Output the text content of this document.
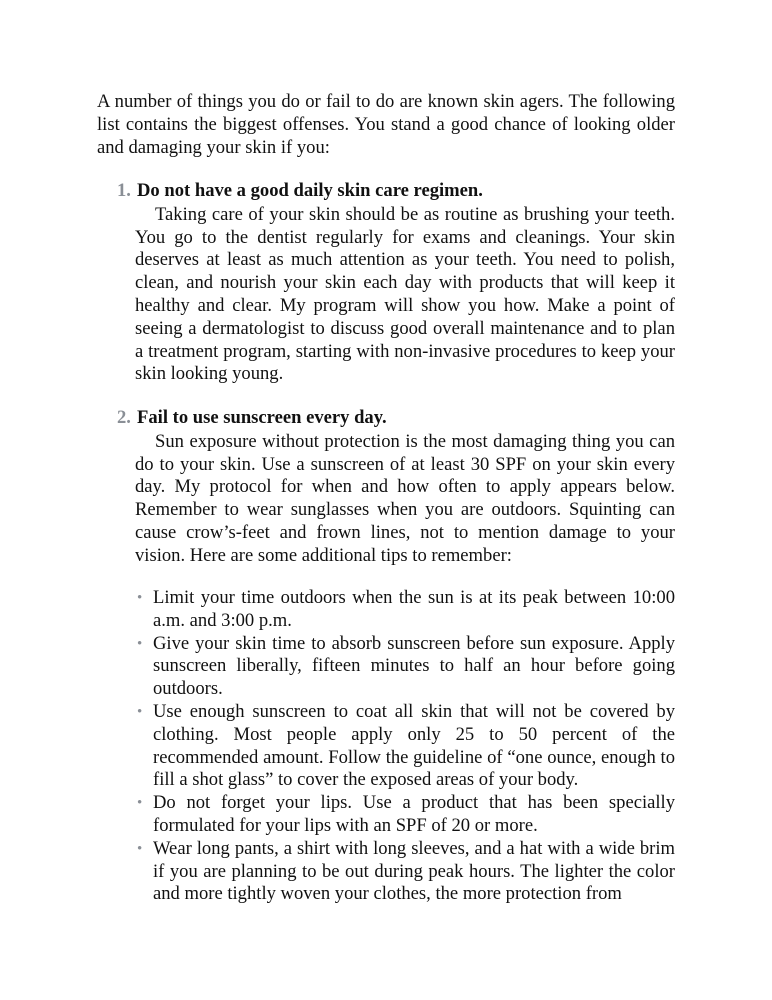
A number of things you do or fail to do are known skin agers. The following list contains the biggest offenses. You stand a good chance of looking older and damaging your skin if you:

1. Do not have a good daily skin care regimen.

Taking care of your skin should be as routine as brushing your teeth. You go to the dentist regularly for exams and cleanings. Your skin deserves at least as much attention as your teeth. You need to polish, clean, and nourish your skin each day with products that will keep it healthy and clear. My program will show you how. Make a point of seeing a dermatologist to discuss good overall maintenance and to plan a treatment program, starting with non-invasive procedures to keep your skin looking young.

2. Fail to use sunscreen every day.

Sun exposure without protection is the most damaging thing you can do to your skin. Use a sunscreen of at least 30 SPF on your skin every day. My protocol for when and how often to apply appears below. Remember to wear sunglasses when you are outdoors. Squinting can cause crow’s-feet and frown lines, not to mention damage to your vision. Here are some additional tips to remember:

• Limit your time outdoors when the sun is at its peak between 10:00 a.m. and 3:00 p.m.
• Give your skin time to absorb sunscreen before sun exposure. Apply sunscreen liberally, fifteen minutes to half an hour before going outdoors.
• Use enough sunscreen to coat all skin that will not be covered by clothing. Most people apply only 25 to 50 percent of the recommended amount. Follow the guideline of “one ounce, enough to fill a shot glass” to cover the exposed areas of your body.
• Do not forget your lips. Use a product that has been specially formulated for your lips with an SPF of 20 or more.
• Wear long pants, a shirt with long sleeves, and a hat with a wide brim if you are planning to be out during peak hours. The lighter the color and more tightly woven your clothes, the more protection from
